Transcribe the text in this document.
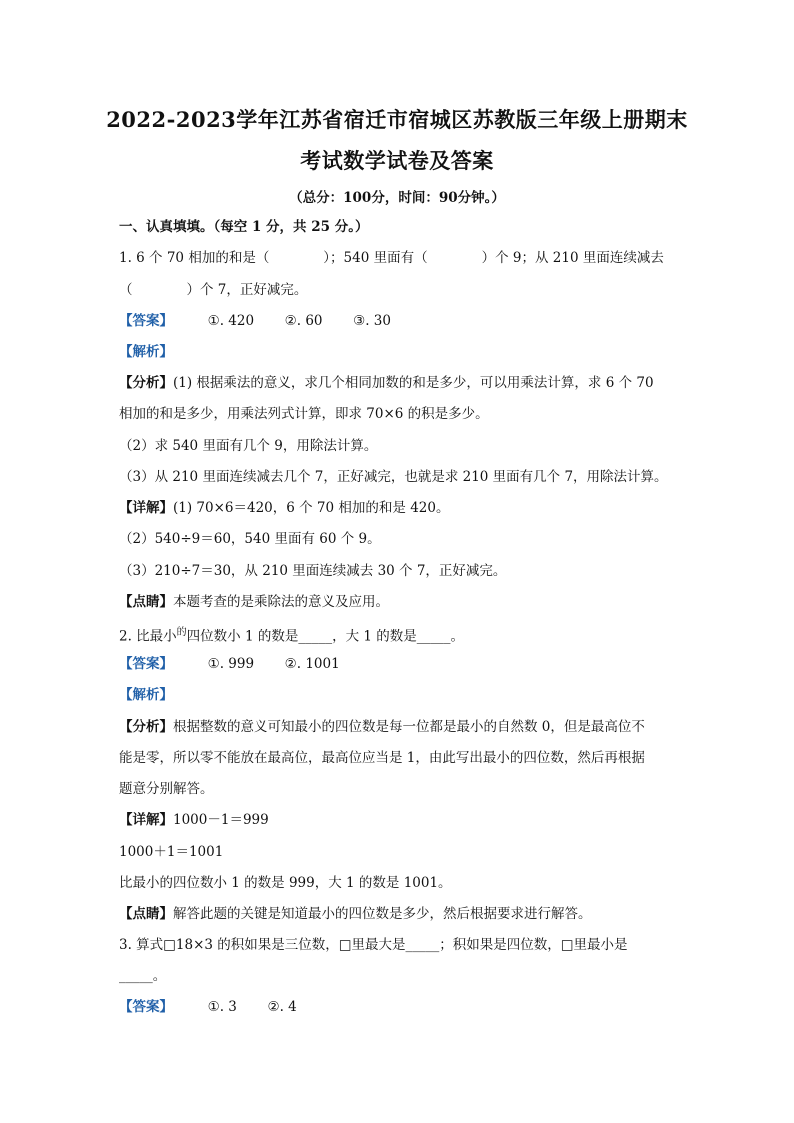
2022-2023学年江苏省宿迁市宿城区苏教版三年级上册期末
考试数学试卷及答案
（总分：100分，时间：90分钟。）
一、认真填填。（每空 1 分，共 25 分。）
1. 6 个 70 相加的和是（　　　　）；540 里面有（　　　　）个 9；从 210 里面连续减去
（　　　　）个 7，正好减完。
【答案】	①. 420 ②. 60 ③. 30
【解析】
【分析】(1) 根据乘法的意义，求几个相同加数的和是多少，可以用乘法计算，求 6 个 70
相加的和是多少，用乘法列式计算，即求 70×6 的积是多少。
（2）求 540 里面有几个 9，用除法计算。
（3）从 210 里面连续减去几个 7，正好减完，也就是求 210 里面有几个 7，用除法计算。
【详解】(1) 70×6＝420，6 个 70 相加的和是 420。
（2）540÷9＝60，540 里面有 60 个 9。
（3）210÷7＝30，从 210 里面连续减去 30 个 7，正好减完。
【点睛】本题考查的是乘除法的意义及应用。
2. 比最小$^的$四位数小 1 的数是_____，大 1 的数是_____。
【答案】	①. 999 ②. 1001
【解析】
【分析】根据整数的意义可知最小的四位数是每一位都是最小的自然数 0，但是最高位不
能是零，所以零不能放在最高位，最高位应当是 1，由此写出最小的四位数，然后再根据
题意分别解答。
【详解】1000－1＝999
1000＋1＝1001
比最小的四位数小 1 的数是 999，大 1 的数是 1001。
【点睛】解答此题的关键是知道最小的四位数是多少，然后根据要求进行解答。
3. 算式□18×3 的积如果是三位数，□里最大是_____；积如果是四位数，□里最小是
_____。
【答案】	①. 3 ②. 4
